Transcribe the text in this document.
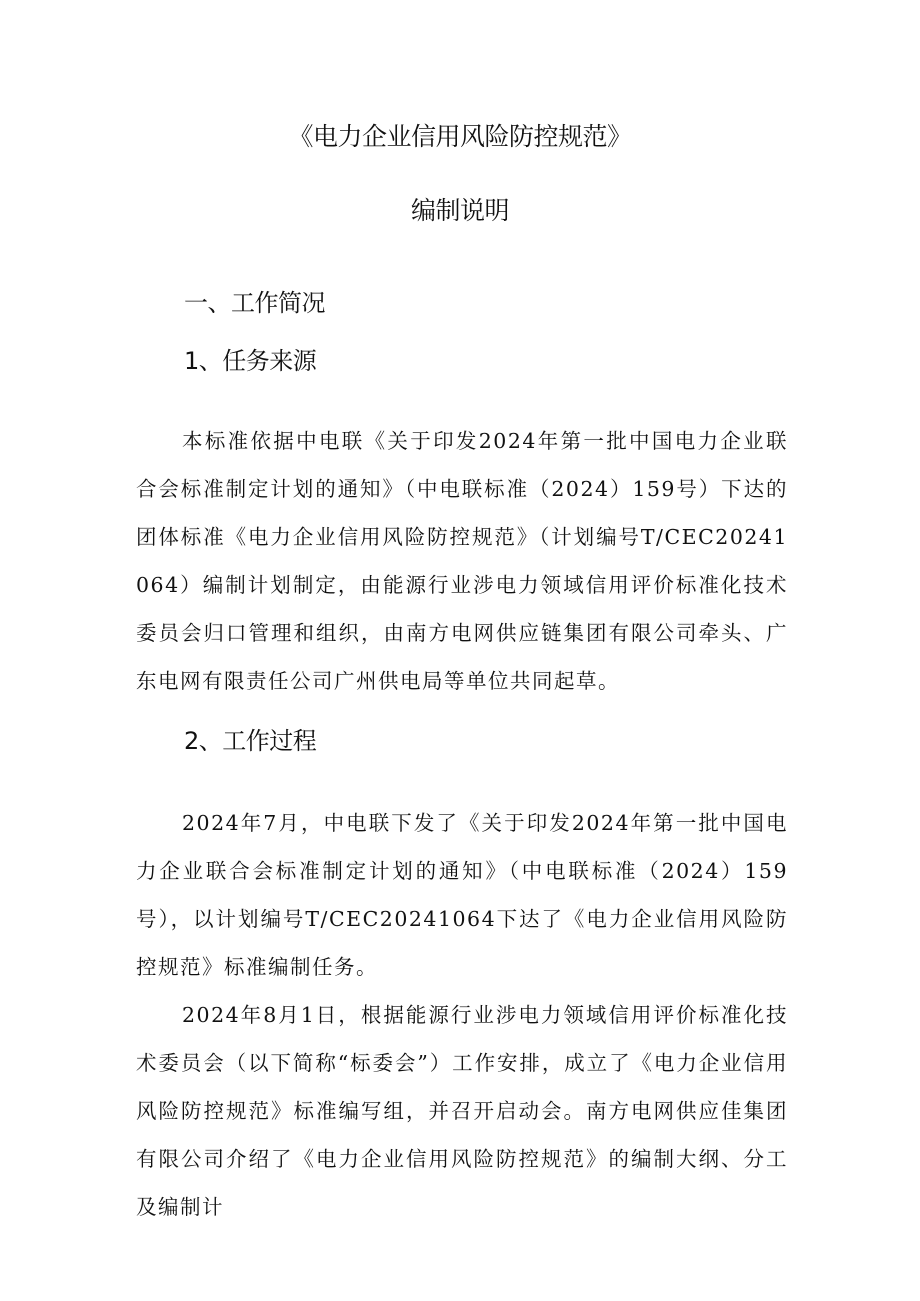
《电力企业信用风险防控规范》
编制说明
一、工作简况
1、任务来源

本标准依据中电联《关于印发2024年第一批中国电力企业联合会标准制定计划的通知》（中电联标准（2024）159号）下达的团体标准《电力企业信用风险防控规范》（计划编号T/CEC20241064）编制计划制定，由能源行业涉电力领域信用评价标准化技术委员会归口管理和组织，由南方电网供应链集团有限公司牵头、广东电网有限责任公司广州供电局等单位共同起草。

2、工作过程

2024年7月，中电联下发了《关于印发2024年第一批中国电力企业联合会标准制定计划的通知》（中电联标准（2024）159号），以计划编号T/CEC20241064下达了《电力企业信用风险防控规范》标准编制任务。

2024年8月1日，根据能源行业涉电力领域信用评价标准化技术委员会（以下简称“标委会”）工作安排，成立了《电力企业信用风险防控规范》标准编写组，并召开启动会。南方电网供应佳集团有限公司介绍了《电力企业信用风险防控规范》的编制大纲、分工及编制计
